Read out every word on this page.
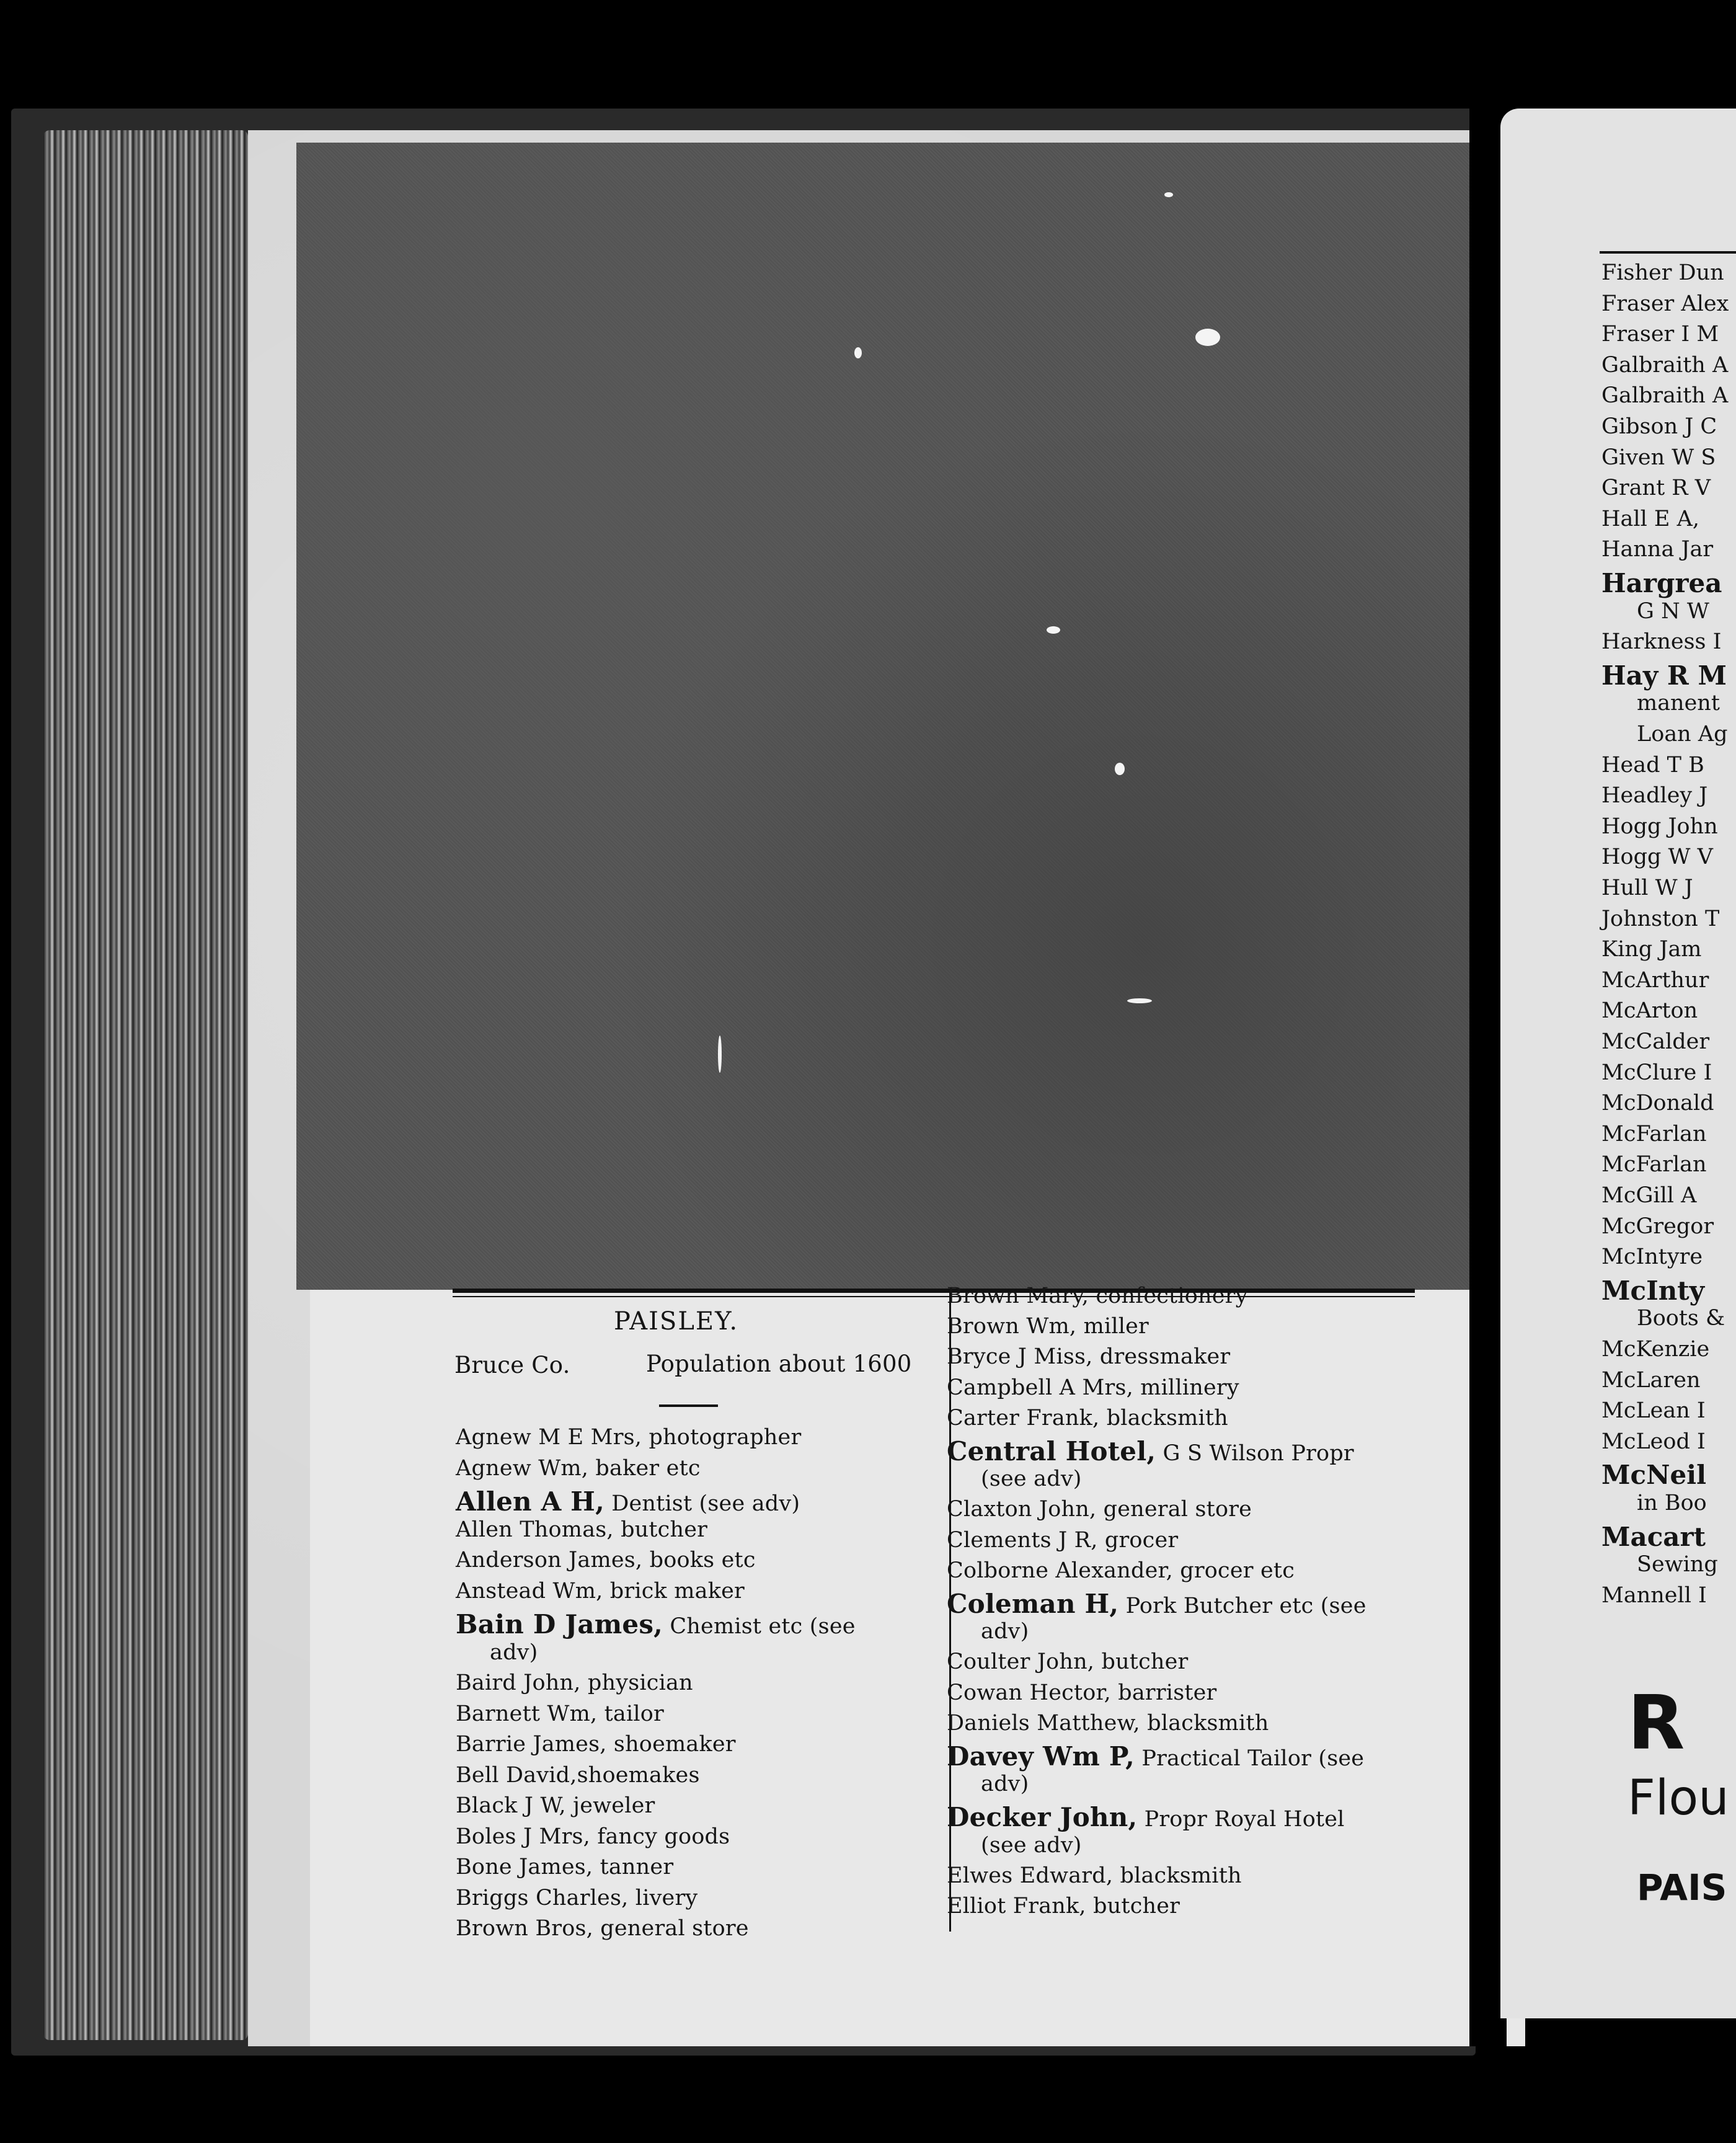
PAISLEY.
Bruce Co.	Population about 1600
Agnew M E Mrs, photographer
Agnew Wm, baker etc
Allen A H, Dentist (see adv)
Allen Thomas, butcher
Anderson James, books etc
Anstead Wm, brick maker
Bain D James, Chemist etc (see
adv)
Baird John, physician
Barnett Wm, tailor
Barrie James, shoemaker
Bell David,shoemakes
Black J W, jeweler
Boles J Mrs, fancy goods
Bone James, tanner
Briggs Charles, livery
Brown Bros, general store
Brown Mary, confectionery
Brown Wm, miller
Bryce J Miss, dressmaker
Campbell A Mrs, millinery
Carter Frank, blacksmith
Central Hotel, G S Wilson Propr
(see adv)
Claxton John, general store
Clements J R, grocer
Colborne Alexander, grocer etc
Coleman H, Pork Butcher etc (see
adv)
Coulter John, butcher
Cowan Hector, barrister
Daniels Matthew, blacksmith
Davey Wm P, Practical Tailor (see
adv)
Decker John, Propr Royal Hotel
(see adv)
Elwes Edward, blacksmith
Elliot Frank, butcher
Fisher Dun
Fraser Alex
Fraser I M
Galbraith A
Galbraith A
Gibson J C
Given W S
Grant R V
Hall E A,
Hanna Jar
Hargrea
G N W
Harkness I
Hay R M
manent
Loan Ag
Head T B
Headley J
Hogg John
Hogg W V
Hull W J
Johnston T
King Jam
McArthur
McArton
McCalder
McClure I
McDonald
McFarlan
McFarlan
McGill A
McGregor
McIntyre
McInty
Boots &
McKenzie
McLaren
McLean I
McLeod I
McNeil
in Boo
Macart
Sewing
Mannell I
R
Flou
PAIS
